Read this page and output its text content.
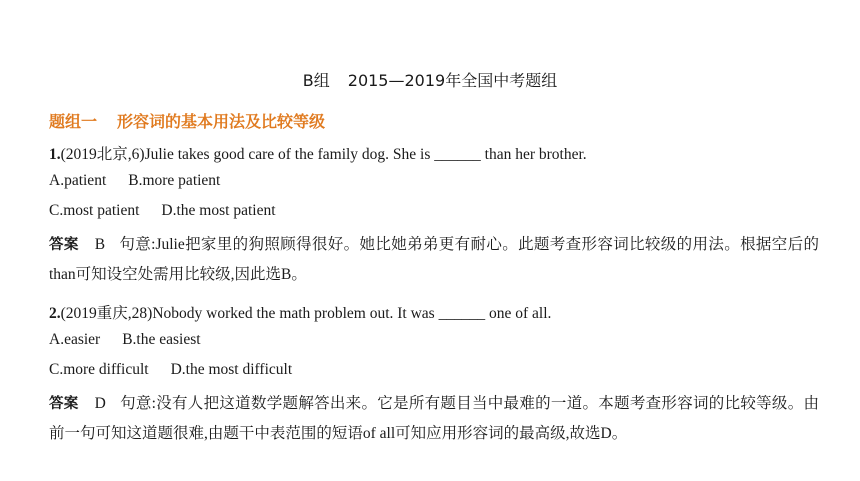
B组 2015—2019年全国中考题组
题组一 形容词的基本用法及比较等级
1.(2019北京,6)Julie takes good care of the family dog. She is ______ than her brother.
A.patient B.more patient
C.most patient D.the most patient
答案 B 句意:Julie把家里的狗照顾得很好。她比她弟弟更有耐心。此题考查形容词比较级的用法。根据空后的than可知设空处需用比较级,因此选B。
2.(2019重庆,28)Nobody worked the math problem out. It was ______ one of all.
A.easier B.the easiest
C.more difficult D.the most difficult
答案 D 句意:没有人把这道数学题解答出来。它是所有题目当中最难的一道。本题考查形容词的比较等级。由前一句可知这道题很难,由题干中表范围的短语of all可知应用形容词的最高级,故选D。
